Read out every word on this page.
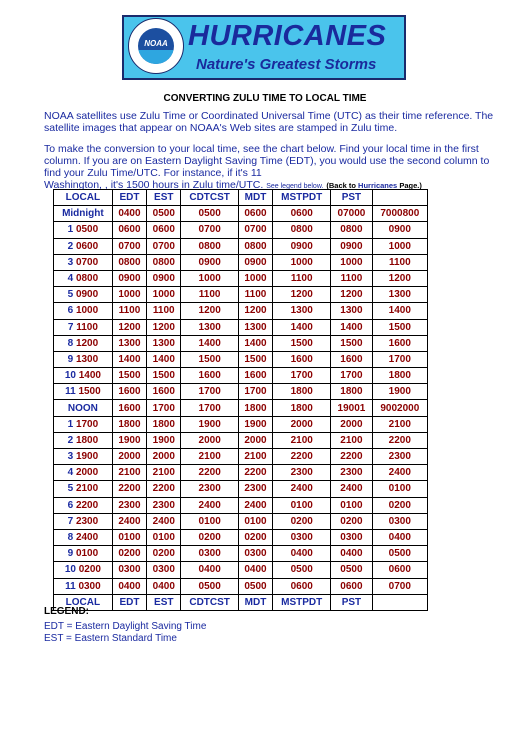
NOAA HURRICANES
Nature's Greatest Storms
CONVERTING ZULU TIME TO LOCAL TIME
NOAA satellites use Zulu Time or Coordinated Universal Time (UTC) as their time reference. The satellite images that appear on NOAA's Web sites are stamped in Zulu time.
To make the conversion to your local time, see the chart below. Find your local time in the first column. If you are on Eastern Daylight Saving Time (EDT), you would use the second column to find your Zulu Time/UTC. For instance, if it's 11
Washington, , it's 1500 hours in Zulu time/UTC. See legend below. (Back to Hurricanes Page.)
LOCAL	EDT	EST	CDTCST	MDT	MSTPDT	PST	
Midnight	0400	0500	0500	0600	0600	07000	7000800
1 0500	0600	0600	0700	0700	0800	0800	0900
2 0600	0700	0700	0800	0800	0900	0900	1000
3 0700	0800	0800	0900	0900	1000	1000	1100
4 0800	0900	0900	1000	1000	1100	1100	1200
5 0900	1000	1000	1100	1100	1200	1200	1300
6 1000	1100	1100	1200	1200	1300	1300	1400
7 1100	1200	1200	1300	1300	1400	1400	1500
8 1200	1300	1300	1400	1400	1500	1500	1600
9 1300	1400	1400	1500	1500	1600	1600	1700
10 1400	1500	1500	1600	1600	1700	1700	1800
11 1500	1600	1600	1700	1700	1800	1800	1900
NOON	1600	1700	1700	1800	1800	19001	9002000
1 1700	1800	1800	1900	1900	2000	2000	2100
2 1800	1900	1900	2000	2000	2100	2100	2200
3 1900	2000	2000	2100	2100	2200	2200	2300
4 2000	2100	2100	2200	2200	2300	2300	2400
5 2100	2200	2200	2300	2300	2400	2400	0100
6 2200	2300	2300	2400	2400	0100	0100	0200
7 2300	2400	2400	0100	0100	0200	0200	0300
8 2400	0100	0100	0200	0200	0300	0300	0400
9 0100	0200	0200	0300	0300	0400	0400	0500
10 0200	0300	0300	0400	0400	0500	0500	0600
11 0300	0400	0400	0500	0500	0600	0600	0700
LOCAL	EDT	EST	CDTCST	MDT	MSTPDT	PST	
LEGEND:
EDT = Eastern Daylight Saving Time
EST = Eastern Standard Time
